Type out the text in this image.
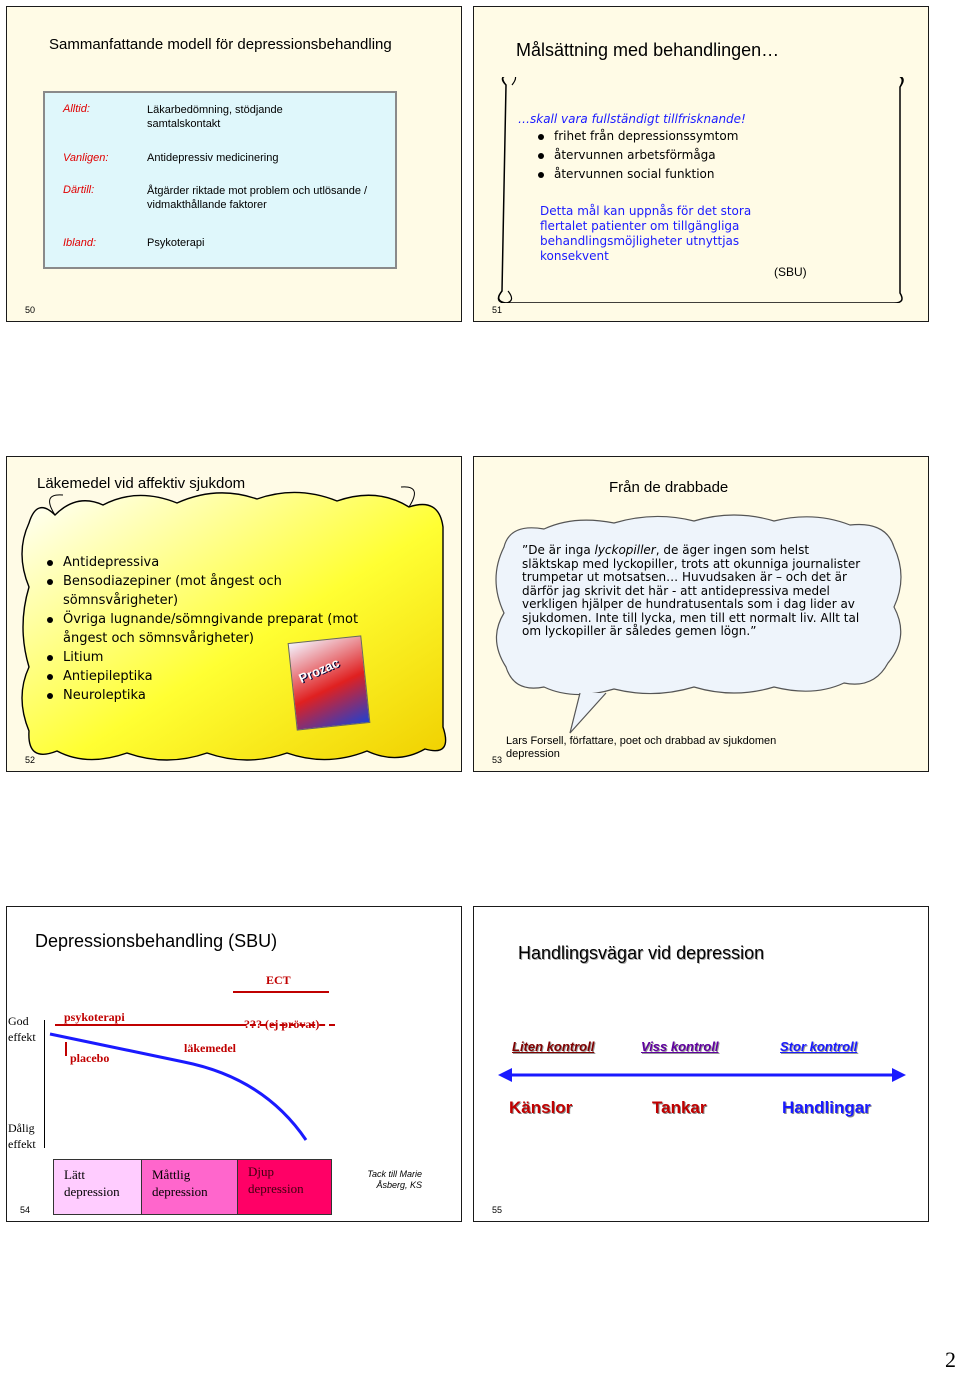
Sammanfattande modell för depressionsbehandling
Alltid:	Läkarbedömning, stödjande samtalskontakt
Vanligen:	Antidepressiv medicinering
Därtill:	Åtgärder riktade mot problem och utlösande / vidmakthållande faktorer
Ibland:	Psykoterapi
50
Målsättning med behandlingen…
…skall vara fullständigt tillfrisknande!
frihet från depressionssymtom
återvunnen arbetsförmåga
återvunnen social funktion
Detta mål kan uppnås för det stora flertalet patienter om tillgängliga behandlingsmöjligheter utnyttjas konsekvent
(SBU)
51
Läkemedel vid affektiv sjukdom
Antidepressiva
Bensodiazepiner (mot ångest och sömnsvårigheter)
Övriga lugnande/sömngivande preparat (mot ångest och sömnsvårigheter)
Litium
Antiepileptika
Neuroleptika
Prozac
52
Från de drabbade
”De är inga lyckopiller, de äger ingen som helst släktskap med lyckopiller, trots att okunniga journalister trumpetar ut motsatsen… Huvudsaken är – och det är därför jag skrivit det här - att antidepressiva medel verkligen hjälper de hundratusentals som i dag lider av sjukdomen. Inte till lycka, men till ett normalt liv. Allt tal om lyckopiller är således gemen lögn.”
Lars Forsell, författare, poet och drabbad av sjukdomen depression
53
Depressionsbehandling (SBU)
ECT
God effekt
Dålig effekt
psykoterapi	??? (ej prövat)
placebo
läkemedel
Lätt depression
Måttlig depression
Djup depression
Tack till Marie Åsberg, KS
54
Handlingsvägar vid depression
Liten kontroll	Viss kontroll	Stor kontroll
Känslor	Tankar	Handlingar
55
2
